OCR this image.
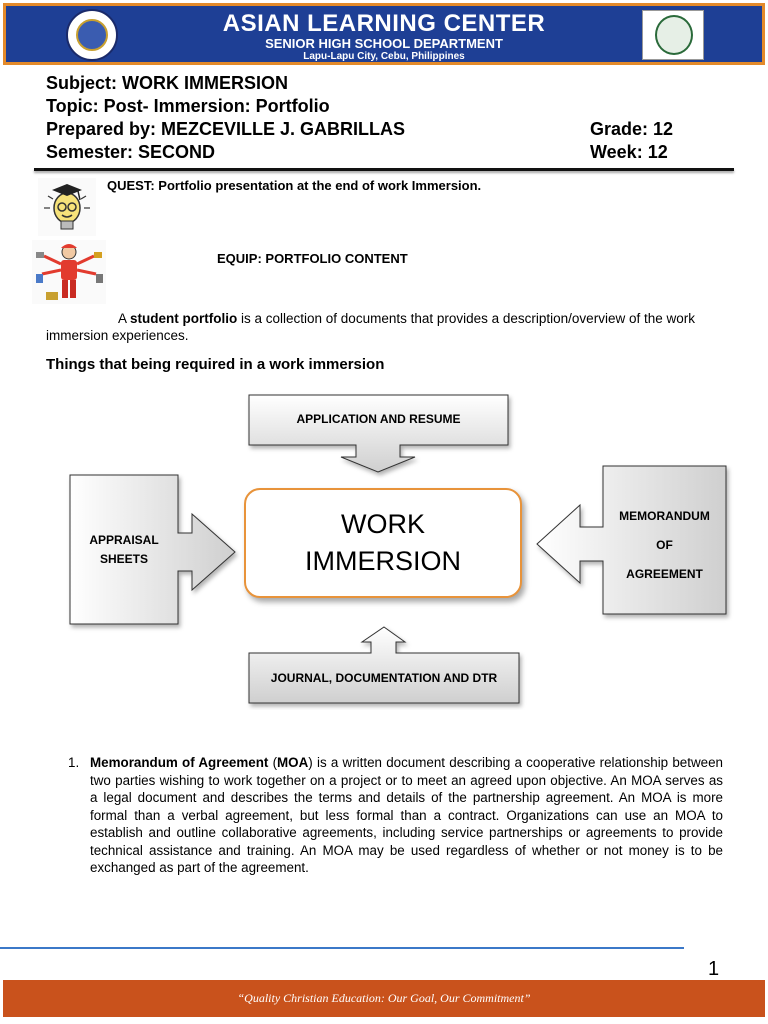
ASIAN LEARNING CENTER
SENIOR HIGH SCHOOL DEPARTMENT
Lapu-Lapu City, Cebu, Philippines
Subject: WORK IMMERSION
Topic: Post- Immersion: Portfolio
Prepared by: MEZCEVILLE J. GABRILLAS
Semester: SECOND
Grade: 12
Week: 12
QUEST: Portfolio presentation at the end of work Immersion.
EQUIP: PORTFOLIO CONTENT
A student portfolio is a collection of documents that provides a description/overview of the work immersion experiences.
Things that being required in a work immersion
APPLICATION AND RESUME
APPRAISAL
SHEETS
MEMORANDUM
OF
AGREEMENT
JOURNAL, DOCUMENTATION AND DTR
WORK
IMMERSION
1. Memorandum of Agreement (MOA) is a written document describing a cooperative relationship between two parties wishing to work together on a project or to meet an agreed upon objective. An MOA serves as a legal document and describes the terms and details of the partnership agreement. An MOA is more formal than a verbal agreement, but less formal than a contract. Organizations can use an MOA to establish and outline collaborative agreements, including service partnerships or agreements to provide technical assistance and training. An MOA may be used regardless of whether or not money is to be exchanged as part of the agreement.
1
“Quality Christian Education: Our Goal, Our Commitment”
